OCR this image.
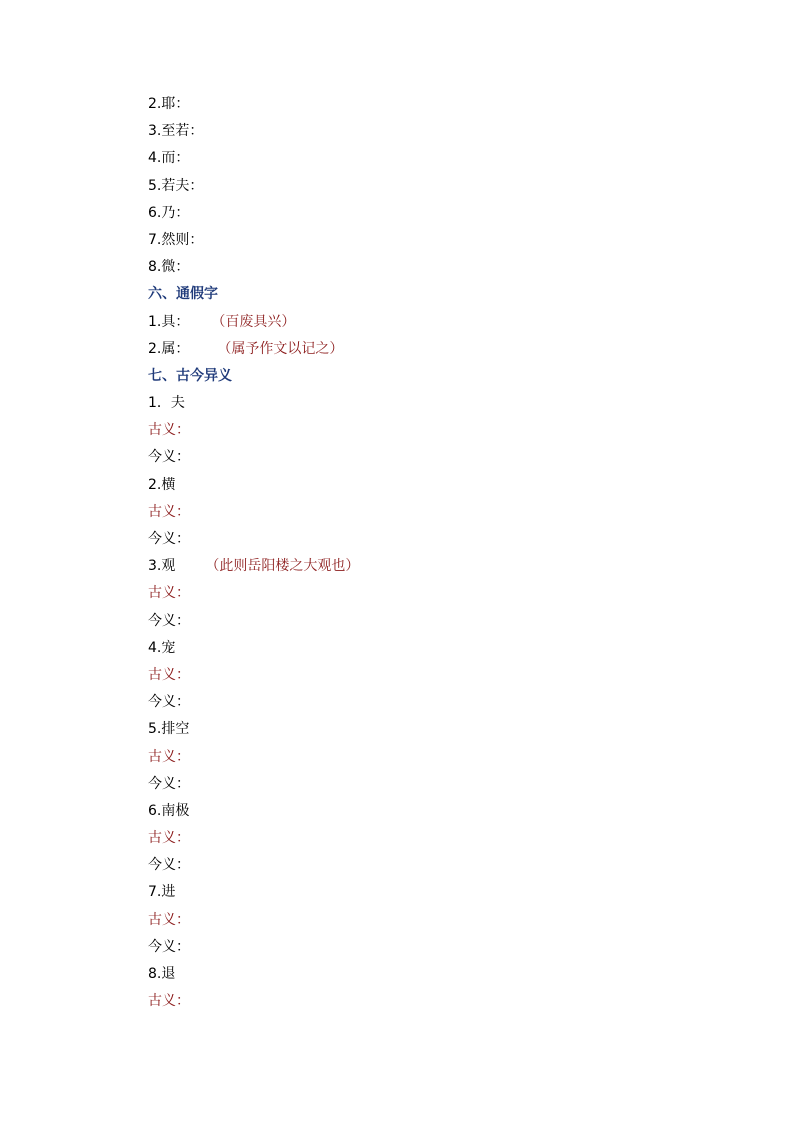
2.耶：
3.至若：
4.而：
5.若夫：
6.乃：
7.然则：
8.微：
六、通假字
1.具： （百废具兴）
2.属： （属予作文以记之）
七、古今异义
1．夫
古义：
今义：
2.横
古义：
今义：
3.观 （此则岳阳楼之大观也）
古义：
今义：
4.宠
古义：
今义：
5.排空
古义：
今义：
6.南极
古义：
今义：
7.进
古义：
今义：
8.退
古义：
